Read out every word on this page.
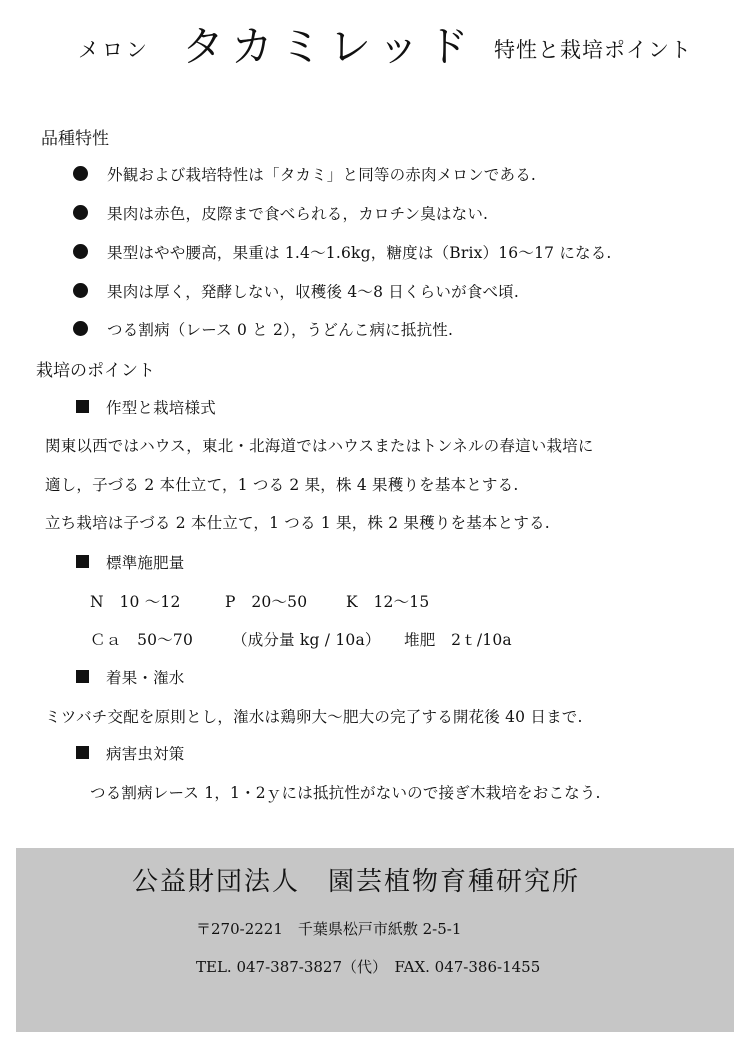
メロン タカミレッド 特性と栽培ポイント
品種特性
外観および栽培特性は「タカミ」と同等の赤肉メロンである.
果肉は赤色，皮際まで食べられる，カロチン臭はない.
果型はやや腰高，果重は 1.4〜1.6kg，糖度は（Brix）16〜17 になる.
果肉は厚く，発酵しない，収穫後 4〜8 日くらいが食べ頃.
つる割病（レース 0 と 2），うどんこ病に抵抗性.
栽培のポイント
作型と栽培様式
関東以西ではハウス，東北・北海道ではハウスまたはトンネルの春這い栽培に
適し，子づる 2 本仕立て，1 つる 2 果，株 4 果穫りを基本とする.
立ち栽培は子づる 2 本仕立て，1 つる 1 果，株 2 果穫りを基本とする.
標準施肥量
N　10 〜12	P　20〜50 K　12〜15
Ｃａ　50〜70	（成分量 kg / 10a） 堆肥　2ｔ/10a
着果・潅水
ミツバチ交配を原則とし，潅水は鶏卵大〜肥大の完了する開花後 40 日まで.
病害虫対策
つる割病レース 1，1・2ｙには抵抗性がないので接ぎ木栽培をおこなう.
公益財団法人　園芸植物育種研究所
〒270-2221　千葉県松戸市紙敷 2-5-1
TEL. 047-387-3827（代）　FAX. 047-386-1455
